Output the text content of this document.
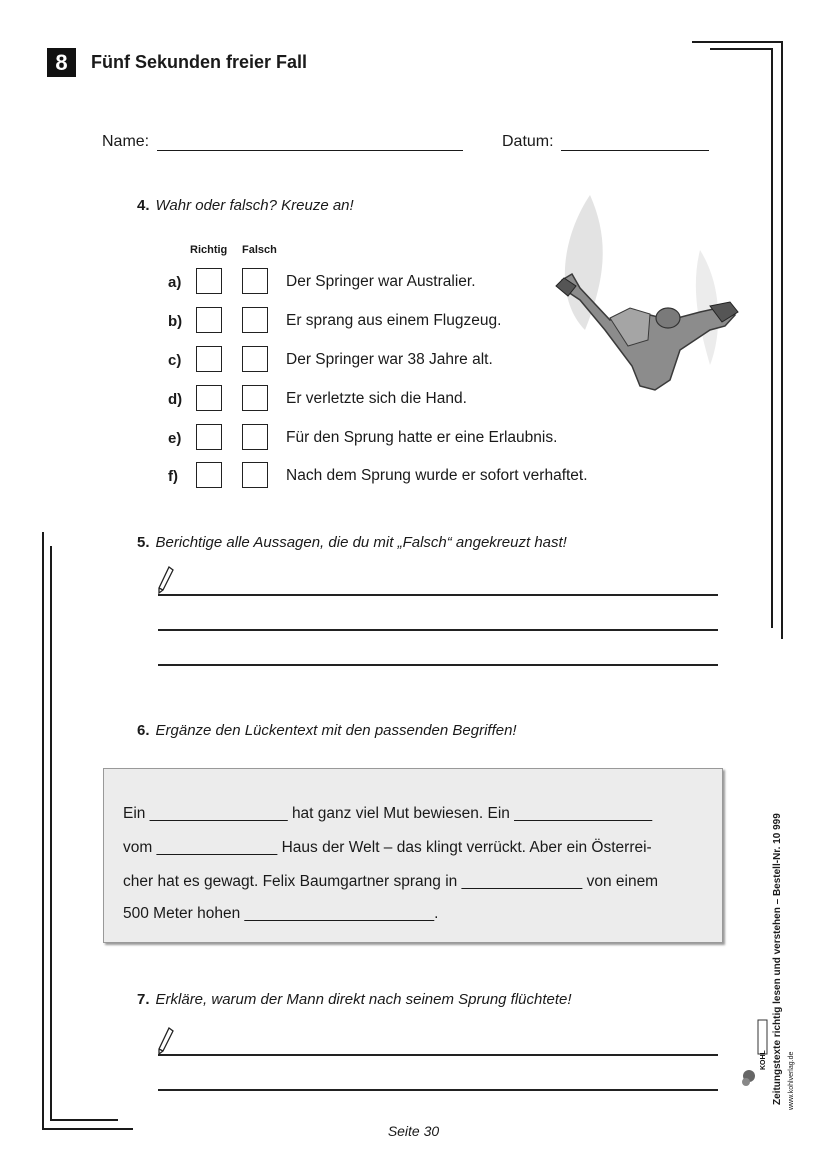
8	Fünf Sekunden freier Fall
Name:	Datum:
4. Wahr oder falsch? Kreuze an!
Richtig Falsch
a)	Der Springer war Australier.
b)	Er sprang aus einem Flugzeug.
c)	Der Springer war 38 Jahre alt.
d)	Er verletzte sich die Hand.
e)	Für den Sprung hatte er eine Erlaubnis.
f)	Nach dem Sprung wurde er sofort verhaftet.
5. Berichtige alle Aussagen, die du mit „Falsch“ angekreuzt hast!
6. Ergänze den Lückentext mit den passenden Begriffen!
Ein ________________ hat ganz viel Mut bewiesen. Ein ________________
vom ______________ Haus der Welt – das klingt verrückt. Aber ein Österrei-
cher hat es gewagt. Felix Baumgartner sprang in ______________ von einem
500 Meter hohen ______________________.
7. Erkläre, warum der Mann direkt nach seinem Sprung flüchtete!	Zeitungstexte richtig lesen und verstehen – Bestell-Nr. 10 999 www.kohlverlag.de
KOHL
Seite 30
